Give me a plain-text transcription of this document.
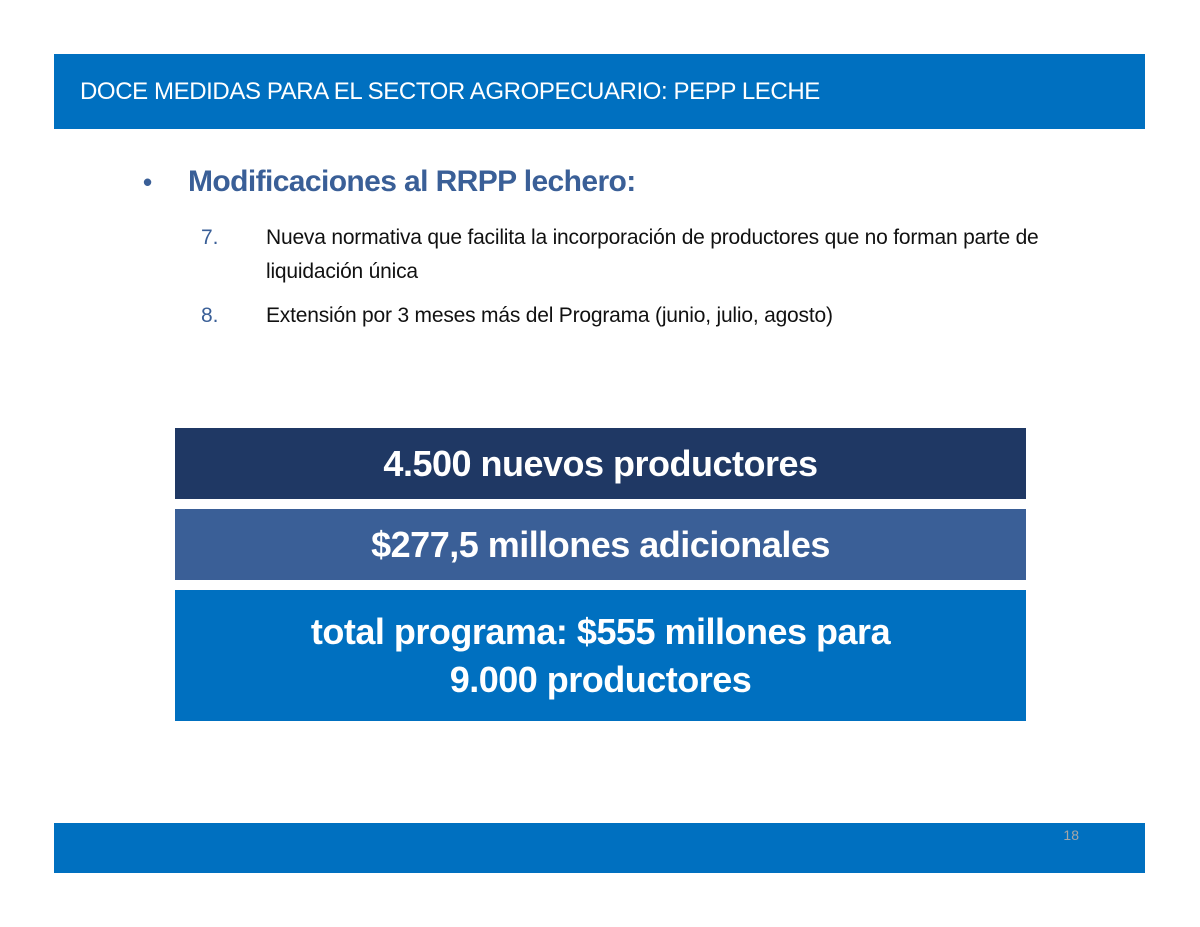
DOCE MEDIDAS PARA EL SECTOR AGROPECUARIO: PEPP LECHE
•	Modificaciones al RRPP lechero:
7.	Nueva normativa que facilita la incorporación de productores que no forman parte de liquidación única
8.	Extensión por 3 meses más del Programa (junio, julio, agosto)
4.500 nuevos productores
$277,5 millones adicionales
total programa: $555 millones para
9.000 productores
18
